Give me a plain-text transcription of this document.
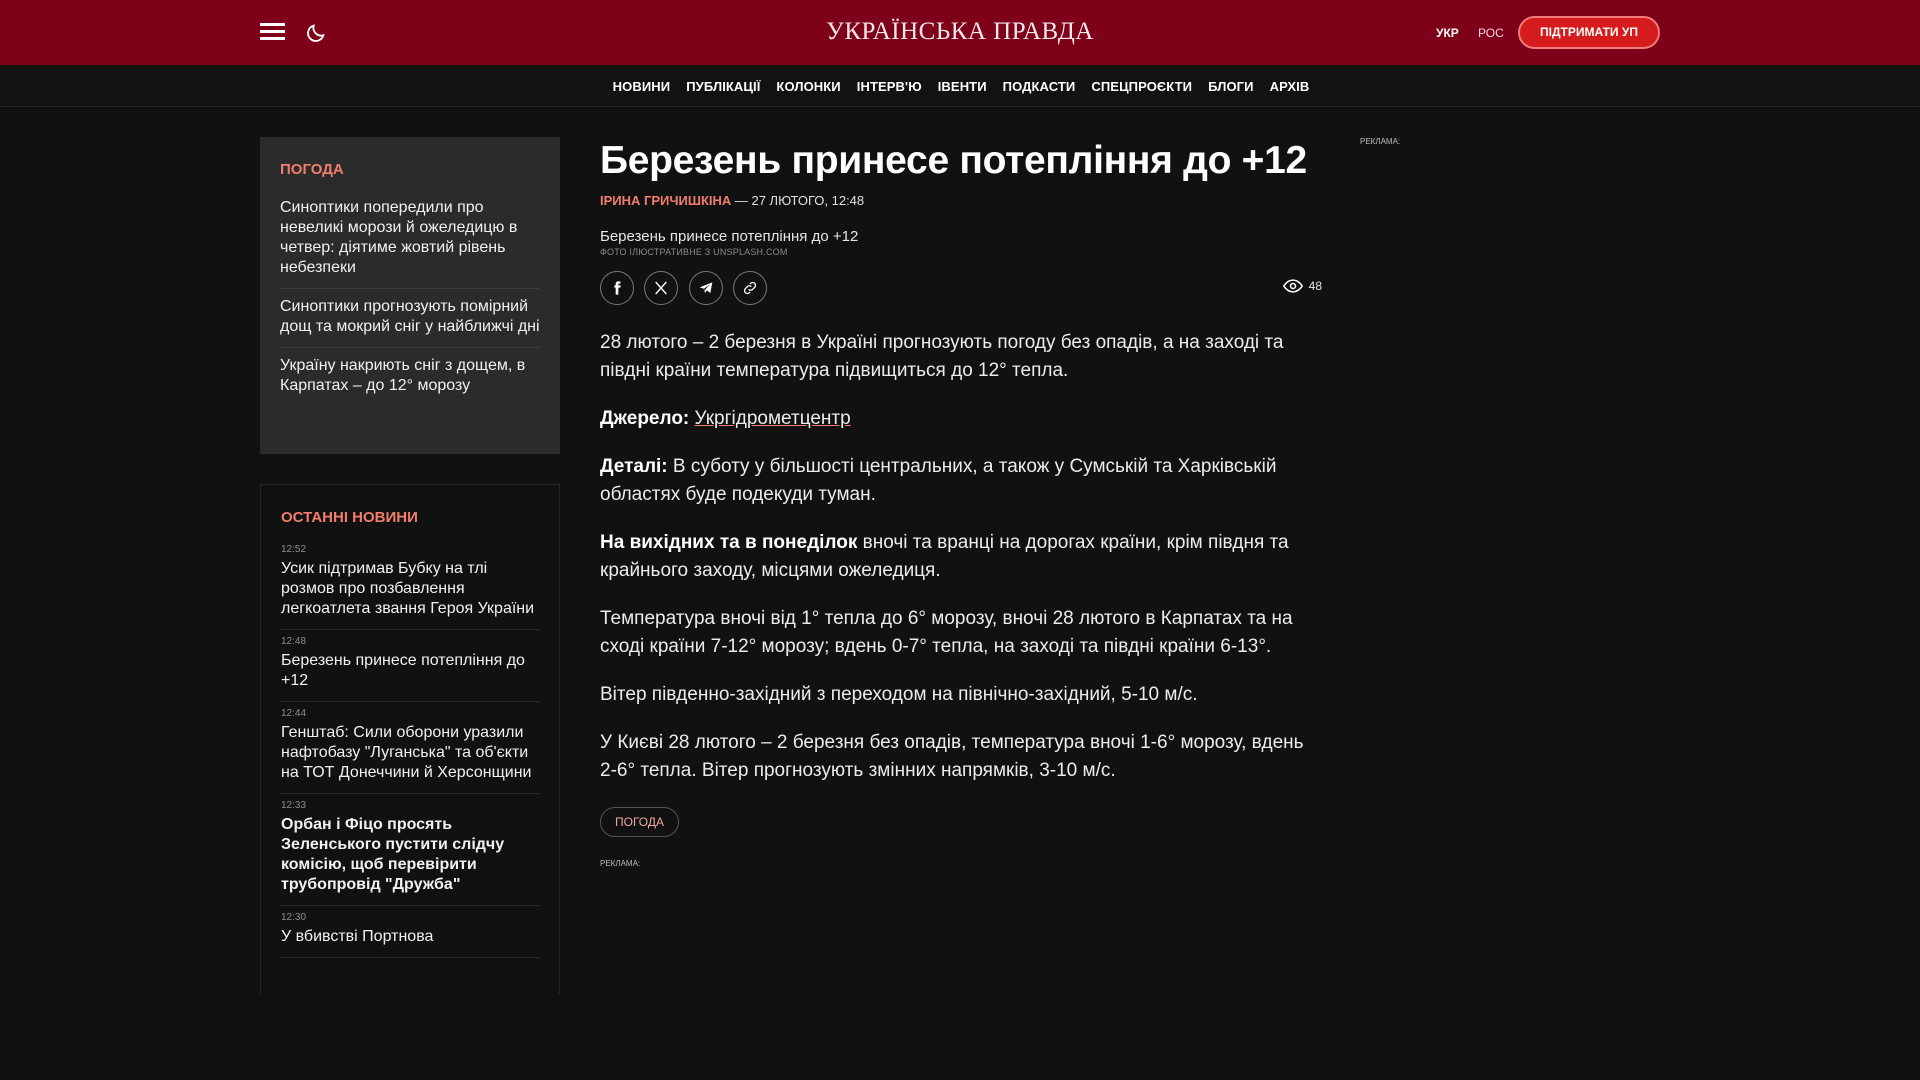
УКРАЇНСЬКА ПРАВДА	УКР РОС	ПІДТРИМАТИ УП
НОВИНИ ПУБЛІКАЦІЇ КОЛОНКИ ІНТЕРВ'Ю ІВЕНТИ ПОДКАСТИ СПЕЦПРОЄКТИ БЛОГИ АРХІВ
ПОГОДА
Синоптики попередили про невеликі морози й ожеледицю в четвер: діятиме жовтий рівень небезпеки
Синоптики прогнозують помірний дощ та мокрий сніг у найближчі дні
Україну накриють сніг з дощем, в Карпатах – до 12° морозу
ОСТАННІ НОВИНИ
12:52
Усик підтримав Бубку на тлі розмов про позбавлення легкоатлета звання Героя України
12:48
Березень принесе потепління до +12
12:44
Генштаб: Сили оборони уразили нафтобазу "Луганська" та об'єкти на ТОТ Донеччини й Херсонщини
12:33
Орбан і Фіцо просять Зеленського пустити слідчу комісію, щоб перевірити трубопровід "Дружба"
12:30
У вбивстві Портнова
Березень принесе потепління до +12
ІРИНА ГРИЧИШКІНА — 27 ЛЮТОГО, 12:48
Березень принесе потепління до +12
ФОТО ІЛЮСТРАТИВНЕ З UNSPLASH.COM

48

28 лютого – 2 березня в Україні прогнозують погоду без опадів, а на заході та півдні країни температура підвищиться до 12° тепла.

Джерело: Укргідрометцентр

Деталі: В суботу у більшості центральних, а також у Сумській та Харківській областях буде подекуди туман.

На вихідних та в понеділок вночі та вранці на дорогах країни, крім півдня та крайнього заходу, місцями ожеледиця.

Температура вночі від 1° тепла до 6° морозу, вночі 28 лютого в Карпатах та на сході країни 7-12° морозу; вдень 0-7° тепла, на заході та півдні країни 6-13°.

Вітер південно-західний з переходом на північно-західний, 5-10 м/с.

У Києві 28 лютого – 2 березня без опадів, температура вночі 1-6° морозу, вдень 2-6° тепла. Вітер прогнозують змінних напрямків, 3-10 м/с.

ПОГОДА
РЕКЛАМА:
РЕКЛАМА:
